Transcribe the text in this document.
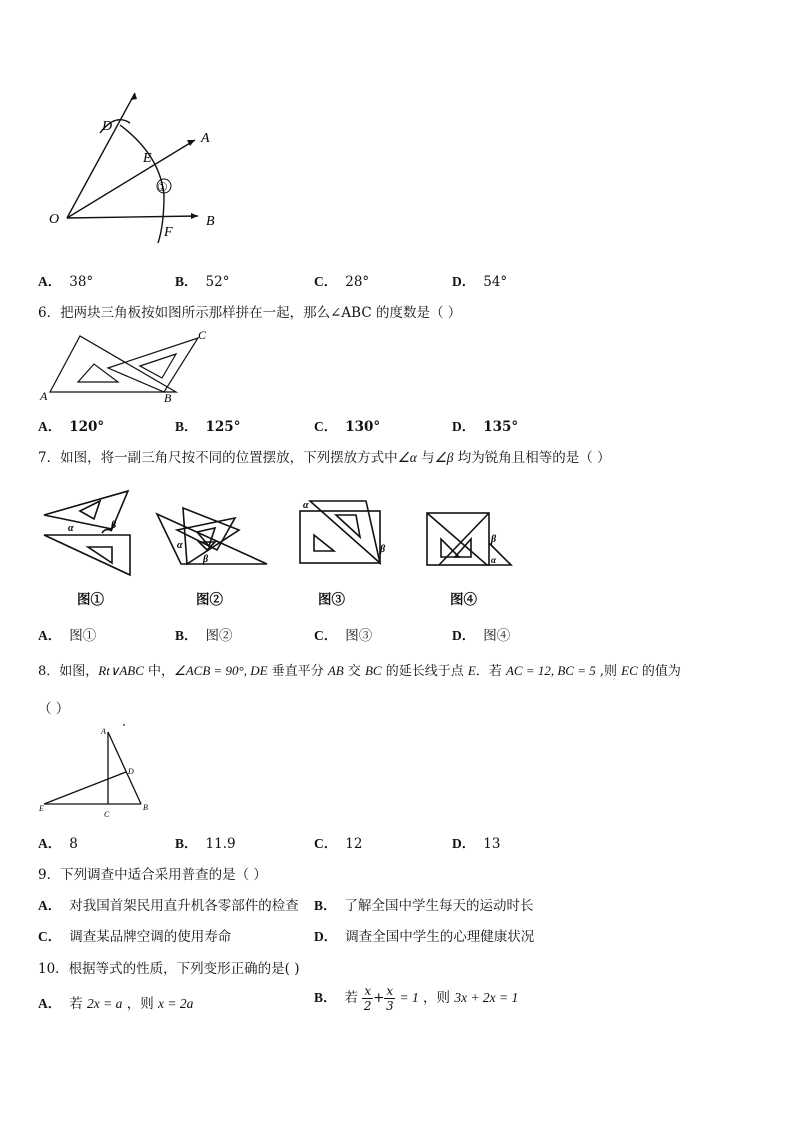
D
E
A
O	B
F
①
A． 38°	B． 52°	C． 28°	D． 54°
6．把两块三角板按如图所示那样拼在一起，那么∠ABC 的度数是（ ）
A	B
C
A． 120°	B． 125°	C． 130°	D． 135°
7．如图，将一副三角尺按不同的位置摆放，下列摆放方式中∠α 与∠β 均为锐角且相等的是（ ）
α	β
图①
α
β
图②
α
β
图③
β
α
图④
A． 图①	B． 图②	C． 图③	D． 图④
8．如图，Rt∨ABC 中，∠ACB = 90°, DE 垂直平分 AB 交 BC 的延长线于点 E．若 AC = 12, BC = 5 ,则 EC 的值为
（ ）
A
D
E
C
B
A． 8	B． 11.9	C． 12	D． 13
9．下列调查中适合采用普查的是（ ）
A． 对我国首架民用直升机各零部件的检查 B． 了解全国中学生每天的运动时长
C． 调查某品牌空调的使用寿命	D． 调查全国中学生的心理健康状况
10．根据等式的性质，下列变形正确的是( )
A． 若 2x = a ，则 x = 2a	B． 若 $\frac{x}{2} + \frac{x}{3} = 1$ ，则 3x + 2x = 1
